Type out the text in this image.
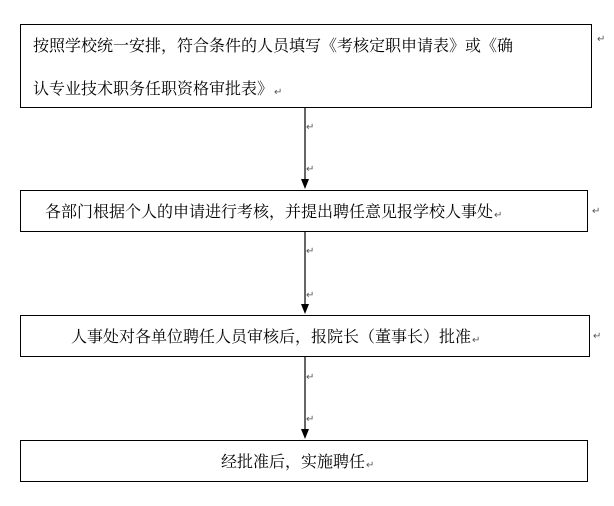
按照学校统一安排，符合条件的人员填写《考核定职申请表》或《确
认专业技术职务任职资格审批表》↵
↵
↵
↵
各部门根据个人的申请进行考核，并提出聘任意见报学校人事处↵	↵
↵
↵
人事处对各单位聘任人员审核后，报院长（董事长）批准↵	↵
↵
↵
经批准后，实施聘任↵
